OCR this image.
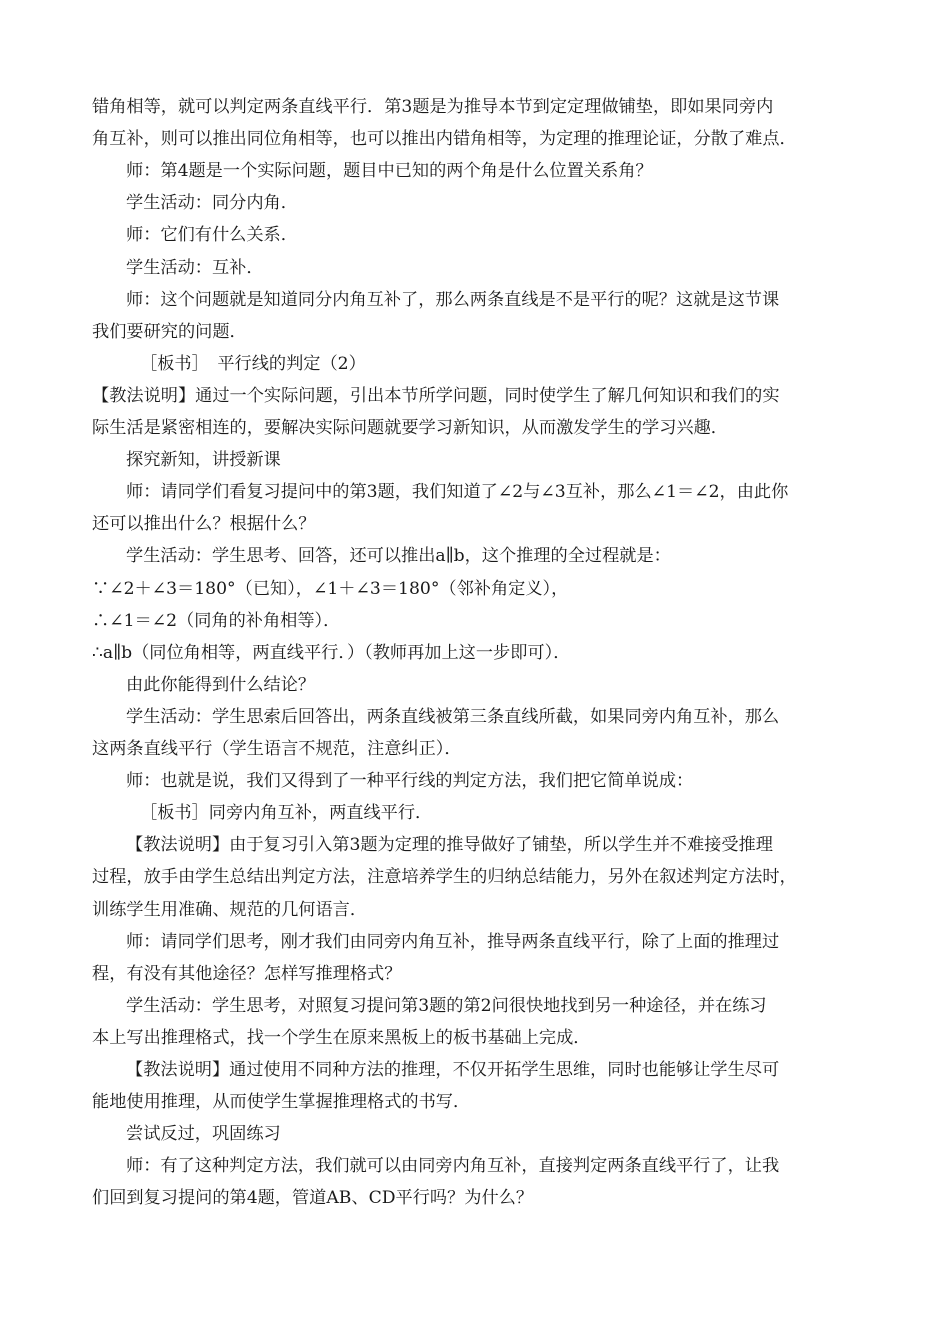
错角相等，就可以判定两条直线平行．第3题是为推导本节到定定理做铺垫，即如果同旁内
角互补，则可以推出同位角相等，也可以推出内错角相等，为定理的推理论证，分散了难点．
师：第4题是一个实际问题，题目中已知的两个角是什么位置关系角？
学生活动：同分内角．
师：它们有什么关系．
学生活动：互补．
师：这个问题就是知道同分内角互补了，那么两条直线是不是平行的呢？这就是这节课
我们要研究的问题．
［板书］　平行线的判定（2）
【教法说明】通过一个实际问题，引出本节所学问题，同时使学生了解几何知识和我们的实
际生活是紧密相连的，要解决实际问题就要学习新知识，从而激发学生的学习兴趣．
探究新知，讲授新课
师：请同学们看复习提问中的第3题，我们知道了∠2与∠3互补，那么∠1＝∠2，由此你
还可以推出什么？根据什么？
学生活动：学生思考、回答，还可以推出a∥b，这个推理的全过程就是：
∵∠2＋∠3＝180°（已知），∠1＋∠3＝180°（邻补角定义），
∴∠1＝∠2（同角的补角相等）．
∴a∥b（同位角相等，两直线平行．）（教师再加上这一步即可）．
由此你能得到什么结论？
学生活动：学生思索后回答出，两条直线被第三条直线所截，如果同旁内角互补，那么
这两条直线平行（学生语言不规范，注意纠正）．
师：也就是说，我们又得到了一种平行线的判定方法，我们把它简单说成：
［板书］同旁内角互补，两直线平行．
【教法说明】由于复习引入第3题为定理的推导做好了铺垫，所以学生并不难接受推理
过程，放手由学生总结出判定方法，注意培养学生的归纳总结能力，另外在叙述判定方法时，
训练学生用准确、规范的几何语言．
师：请同学们思考，刚才我们由同旁内角互补，推导两条直线平行，除了上面的推理过
程，有没有其他途径？怎样写推理格式？
学生活动：学生思考，对照复习提问第3题的第2问很快地找到另一种途径，并在练习
本上写出推理格式，找一个学生在原来黑板上的板书基础上完成．
【教法说明】通过使用不同种方法的推理，不仅开拓学生思维，同时也能够让学生尽可
能地使用推理，从而使学生掌握推理格式的书写．
尝试反过，巩固练习
师：有了这种判定方法，我们就可以由同旁内角互补，直接判定两条直线平行了，让我
们回到复习提问的第4题，管道AB、CD平行吗？为什么？
